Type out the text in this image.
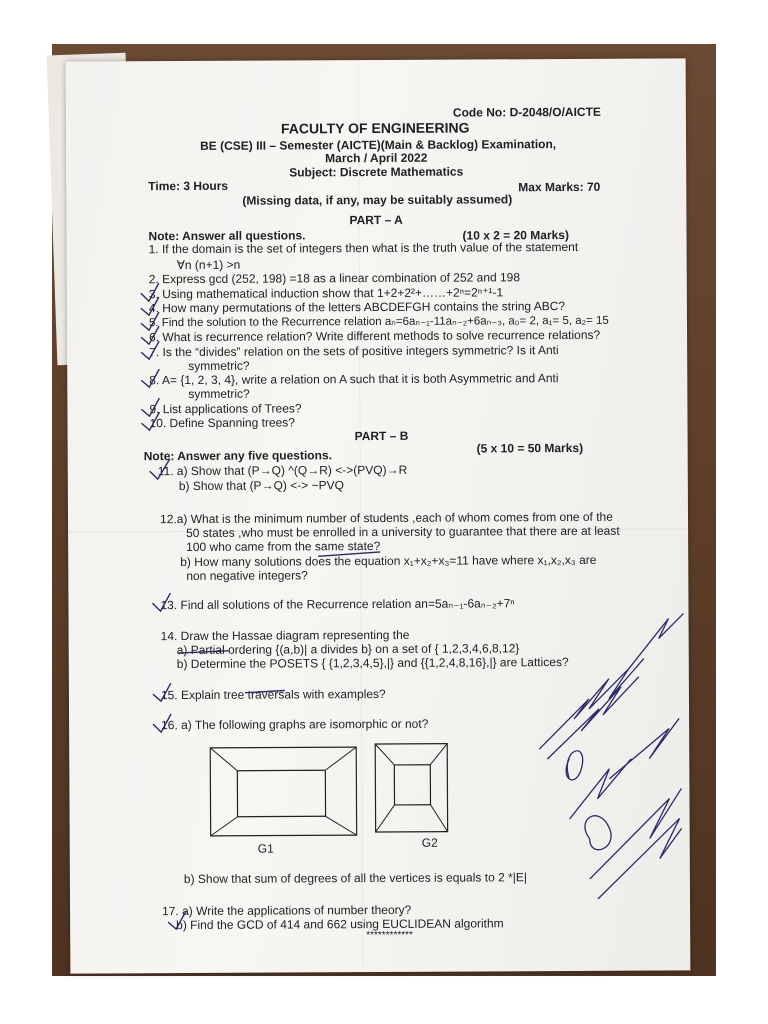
Code No: D-2048/O/AICTE
FACULTY OF ENGINEERING
BE (CSE) III – Semester (AICTE)(Main & Backlog) Examination,
March / April 2022
Subject: Discrete Mathematics
Time: 3 Hours	Max Marks: 70
(Missing data, if any, may be suitably assumed)
PART – A
Note: Answer all questions.	(10 x 2 = 20 Marks)
1. If the domain is the set of integers then what is the truth value of the statement
∀n (n+1) >n
2. Express gcd (252, 198) =18 as a linear combination of 252 and 198
3. Using mathematical induction show that 1+2+2²+……+2ⁿ=2ⁿ⁺¹-1
4. How many permutations of the letters ABCDEFGH contains the string ABC?
5. Find the solution to the Recurrence relation aₙ=6aₙ₋₁-11aₙ₋₂+6aₙ₋₃, a₀= 2, a₁= 5, a₂= 15
6. What is recurrence relation? Write different methods to solve recurrence relations?
7. Is the “divides” relation on the sets of positive integers symmetric? Is it Anti
symmetric?
8. A= {1, 2, 3, 4}, write a relation on A such that it is both Asymmetric and Anti
symmetric?
9. List applications of Trees?
10. Define Spanning trees?
PART – B
(5 x 10 = 50 Marks)
Note: Answer any five questions.
11. a) Show that (P→Q) ^(Q→R) <->(PVQ)→R
b) Show that (P→Q) <-> ~PVQ
12.a) What is the minimum number of students ,each of whom comes from one of the
50 states ,who must be enrolled in a university to guarantee that there are at least
100 who came from the same state?
b) How many solutions does the equation x₁+x₂+x₃=11 have where x₁,x₂,x₃ are
non negative integers?
13. Find all solutions of the Recurrence relation an=5aₙ₋₁-6aₙ₋₂+7ⁿ
14. Draw the Hassae diagram representing the
a) Partial ordering {(a,b)| a divides b} on a set of { 1,2,3,4,6,8,12}
b) Determine the POSETS { {1,2,3,4,5},|} and {{1,2,4,8,16},|} are Lattices?
15. Explain tree traversals with examples?
16. a) The following graphs are isomorphic or not?
G1	G2
b) Show that sum of degrees of all the vertices is equals to 2 *|E|
17. a) Write the applications of number theory?
b) Find the GCD of 414 and 662 using EUCLIDEAN algorithm
************
